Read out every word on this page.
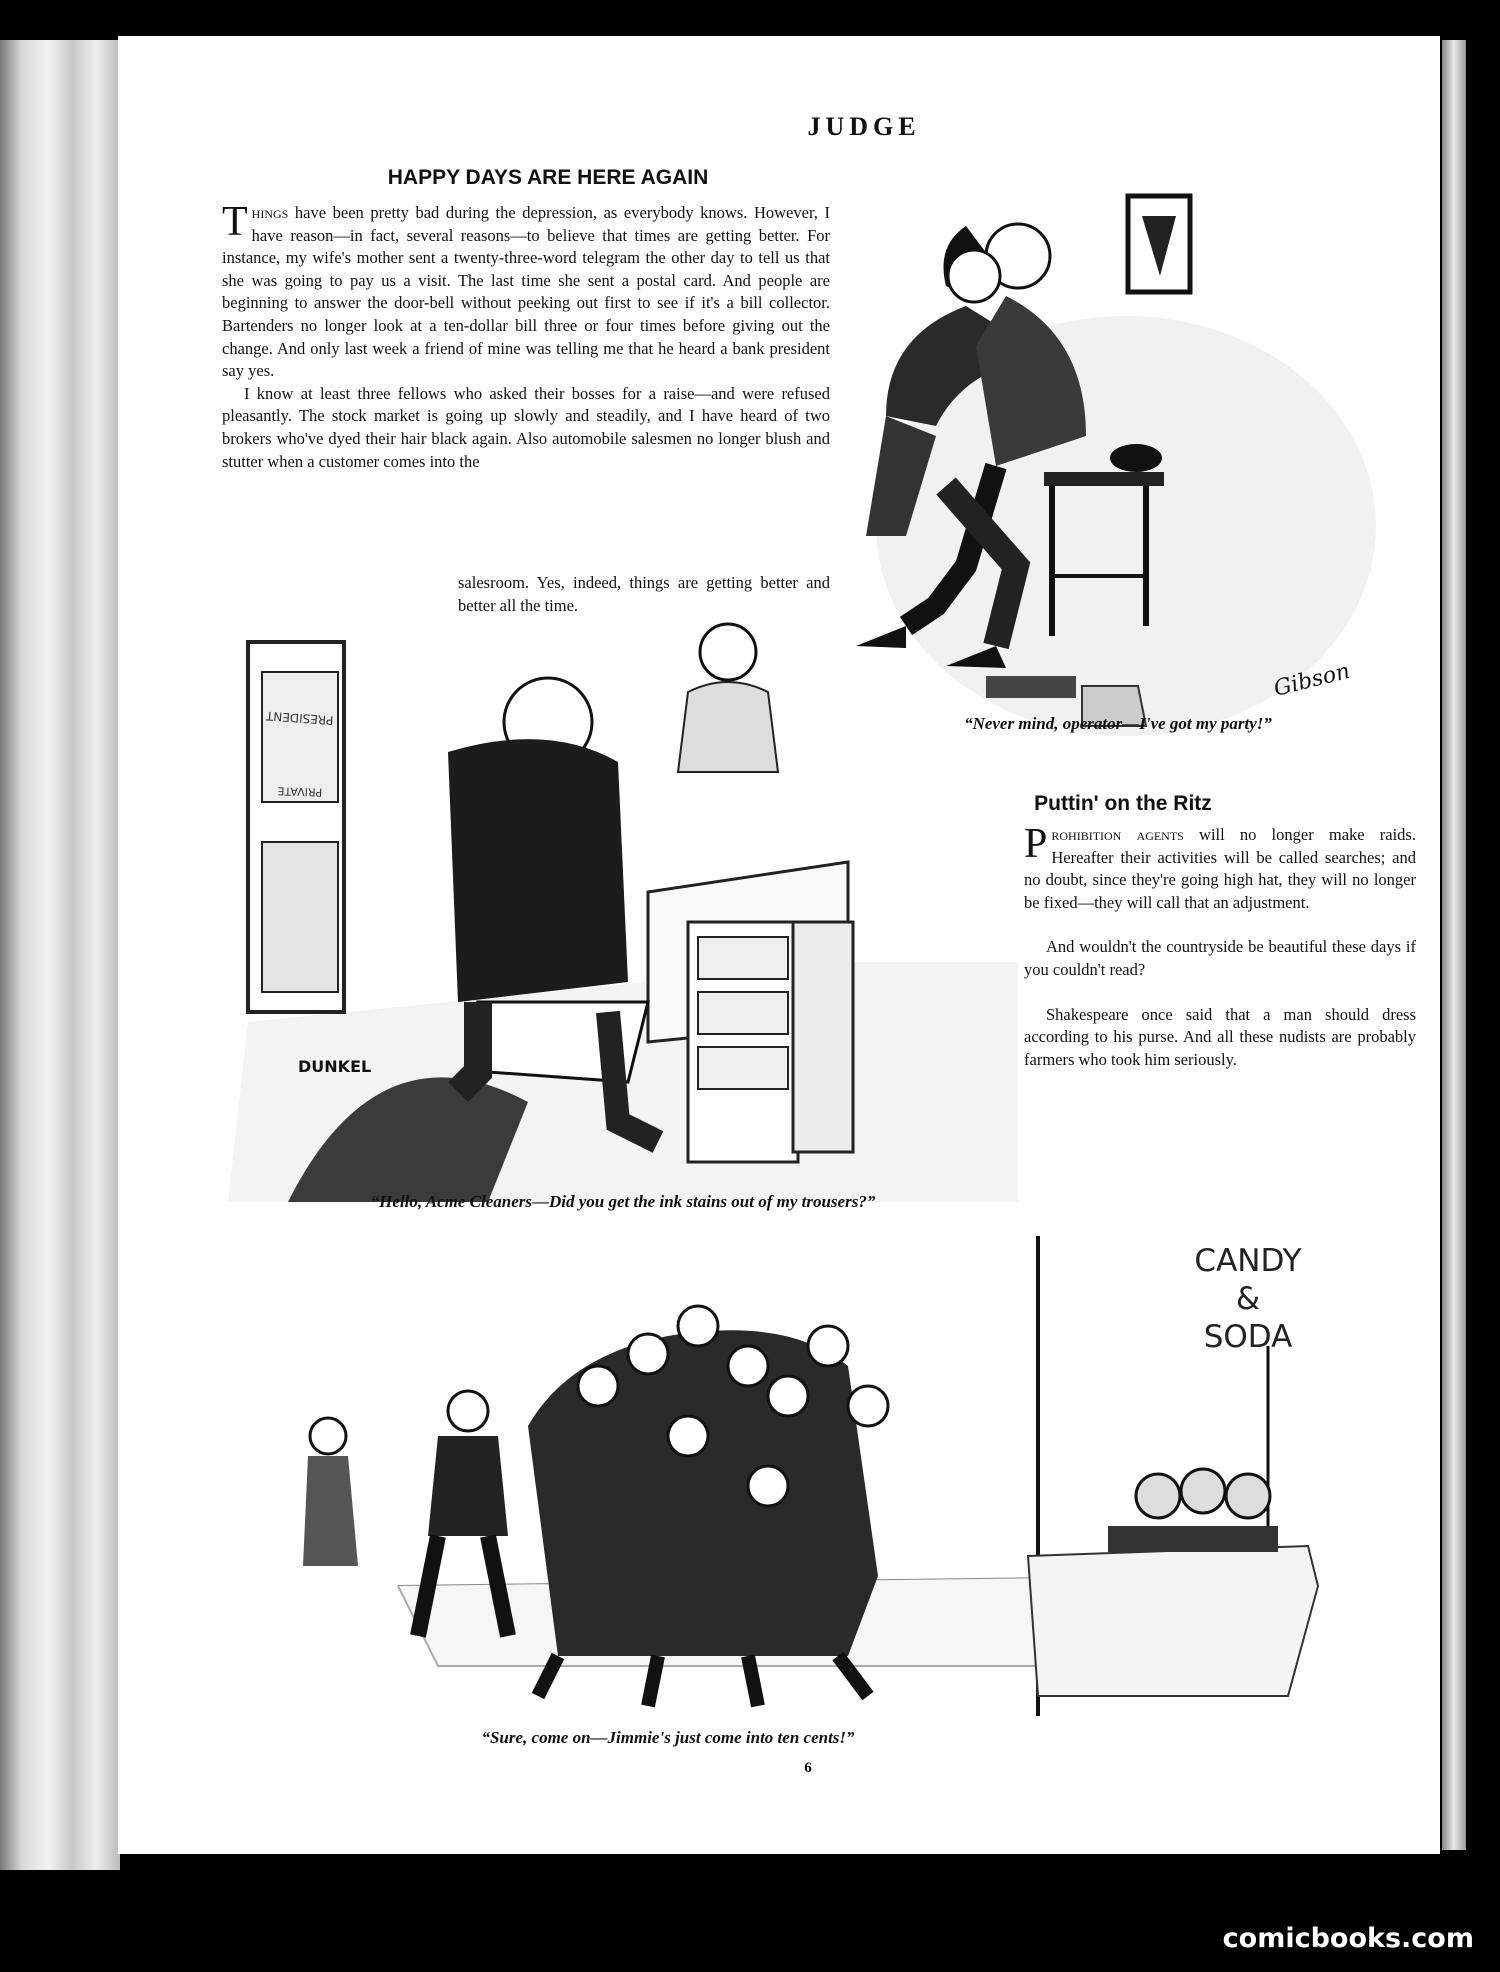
JUDGE
HAPPY DAYS ARE HERE AGAIN

Things have been pretty bad during the depression, as everybody knows. However, I have reason—in fact, several reasons—to believe that times are getting better. For instance, my wife's mother sent a twenty-three-word telegram the other day to tell us that she was going to pay us a visit. The last time she sent a postal card. And people are beginning to answer the door-bell without peeking out first to see if it's a bill collector. Bartenders no longer look at a ten-dollar bill three or four times before giving out the change. And only last week a friend of mine was telling me that he heard a bank president say yes.

I know at least three fellows who asked their bosses for a raise—and were refused pleasantly. The stock market is going up slowly and steadily, and I have heard of two brokers who've dyed their hair black again. Also automobile salesmen no longer blush and stutter when a customer comes into the

salesroom. Yes, indeed, things are getting better and better all the time.
Gibson
“Never mind, operator—I've got my party!”
Puttin' on the Ritz

Prohibition agents will no longer make raids. Hereafter their activities will be called searches; and no doubt, since they're going high hat, they will no longer be fixed—they will call that an adjustment.

And wouldn't the countryside be beautiful these days if you couldn't read?

Shakespeare once said that a man should dress according to his purse. And all these nudists are probably farmers who took him seriously.

PRESIDENT
PRIVATE
DUNKEL
“Hello, Acme Cleaners—Did you get the ink stains out of my trousers?”
CANDY
&
SODA
“Sure, come on—Jimmie's just come into ten cents!”
6
comicbooks.com
